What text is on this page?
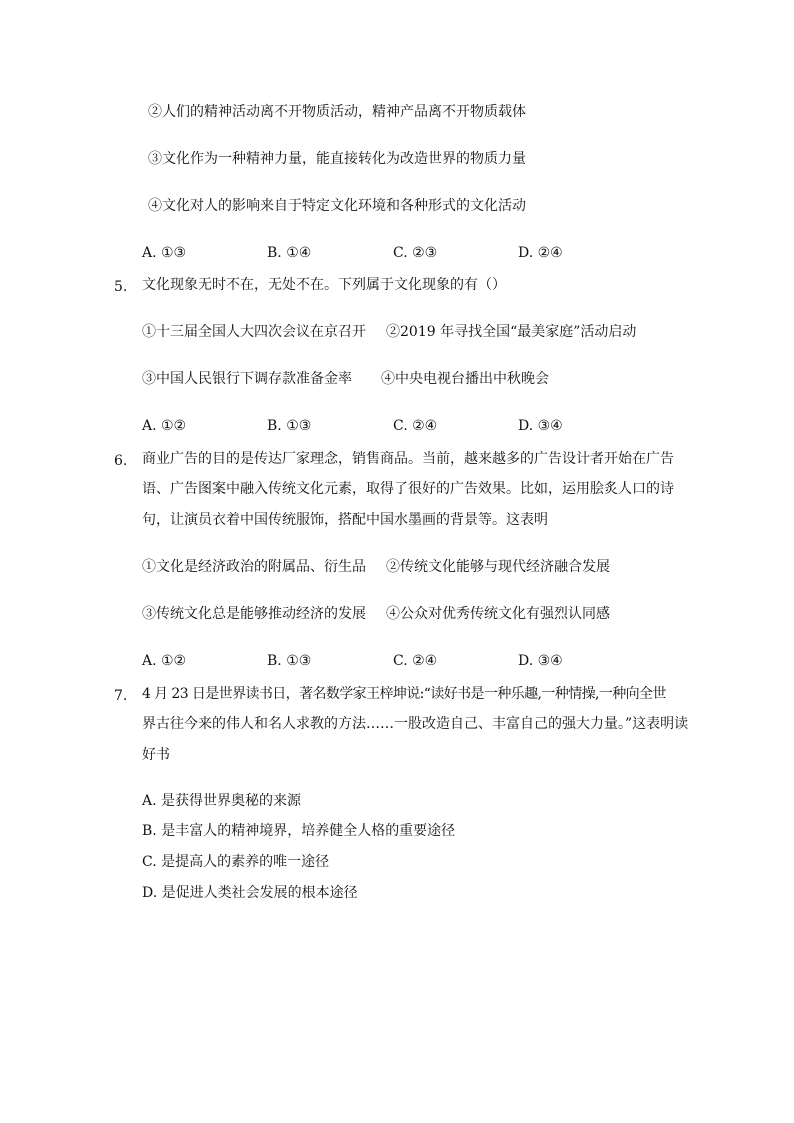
②人们的精神活动离不开物质活动，精神产品离不开物质载体
③文化作为一种精神力量，能直接转化为改造世界的物质力量
④文化对人的影响来自于特定文化环境和各种形式的文化活动
A. ①③	B. ①④	C. ②③	D. ②④
5. 文化现象无时不在，无处不在。下列属于文化现象的有（）
①十三届全国人大四次会议在京召开 ②2019 年寻找全国“最美家庭”活动启动
③中国人民银行下调存款准备金率 ④中央电视台播出中秋晚会
A. ①②	B. ①③	C. ②④	D. ③④
6. 商业广告的目的是传达厂家理念，销售商品。当前，越来越多的广告设计者开始在广告
语、广告图案中融入传统文化元素，取得了很好的广告效果。比如，运用脍炙人口的诗
句，让演员衣着中国传统服饰，搭配中国水墨画的背景等。这表明
①文化是经济政治的附属品、衍生品 ②传统文化能够与现代经济融合发展
③传统文化总是能够推动经济的发展 ④公众对优秀传统文化有强烈认同感
A. ①②	B. ①③	C. ②④	D. ③④
7. 4 月 23 日是世界读书日，著名数学家王梓坤说:“读好书是一种乐趣,一种情操,一种向全世
界古往今来的伟人和名人求教的方法……一股改造自己、丰富自己的强大力量。”这表明读
好书
A. 是获得世界奥秘的来源
B. 是丰富人的精神境界，培养健全人格的重要途径
C. 是提高人的素养的唯一途径
D. 是促进人类社会发展的根本途径
